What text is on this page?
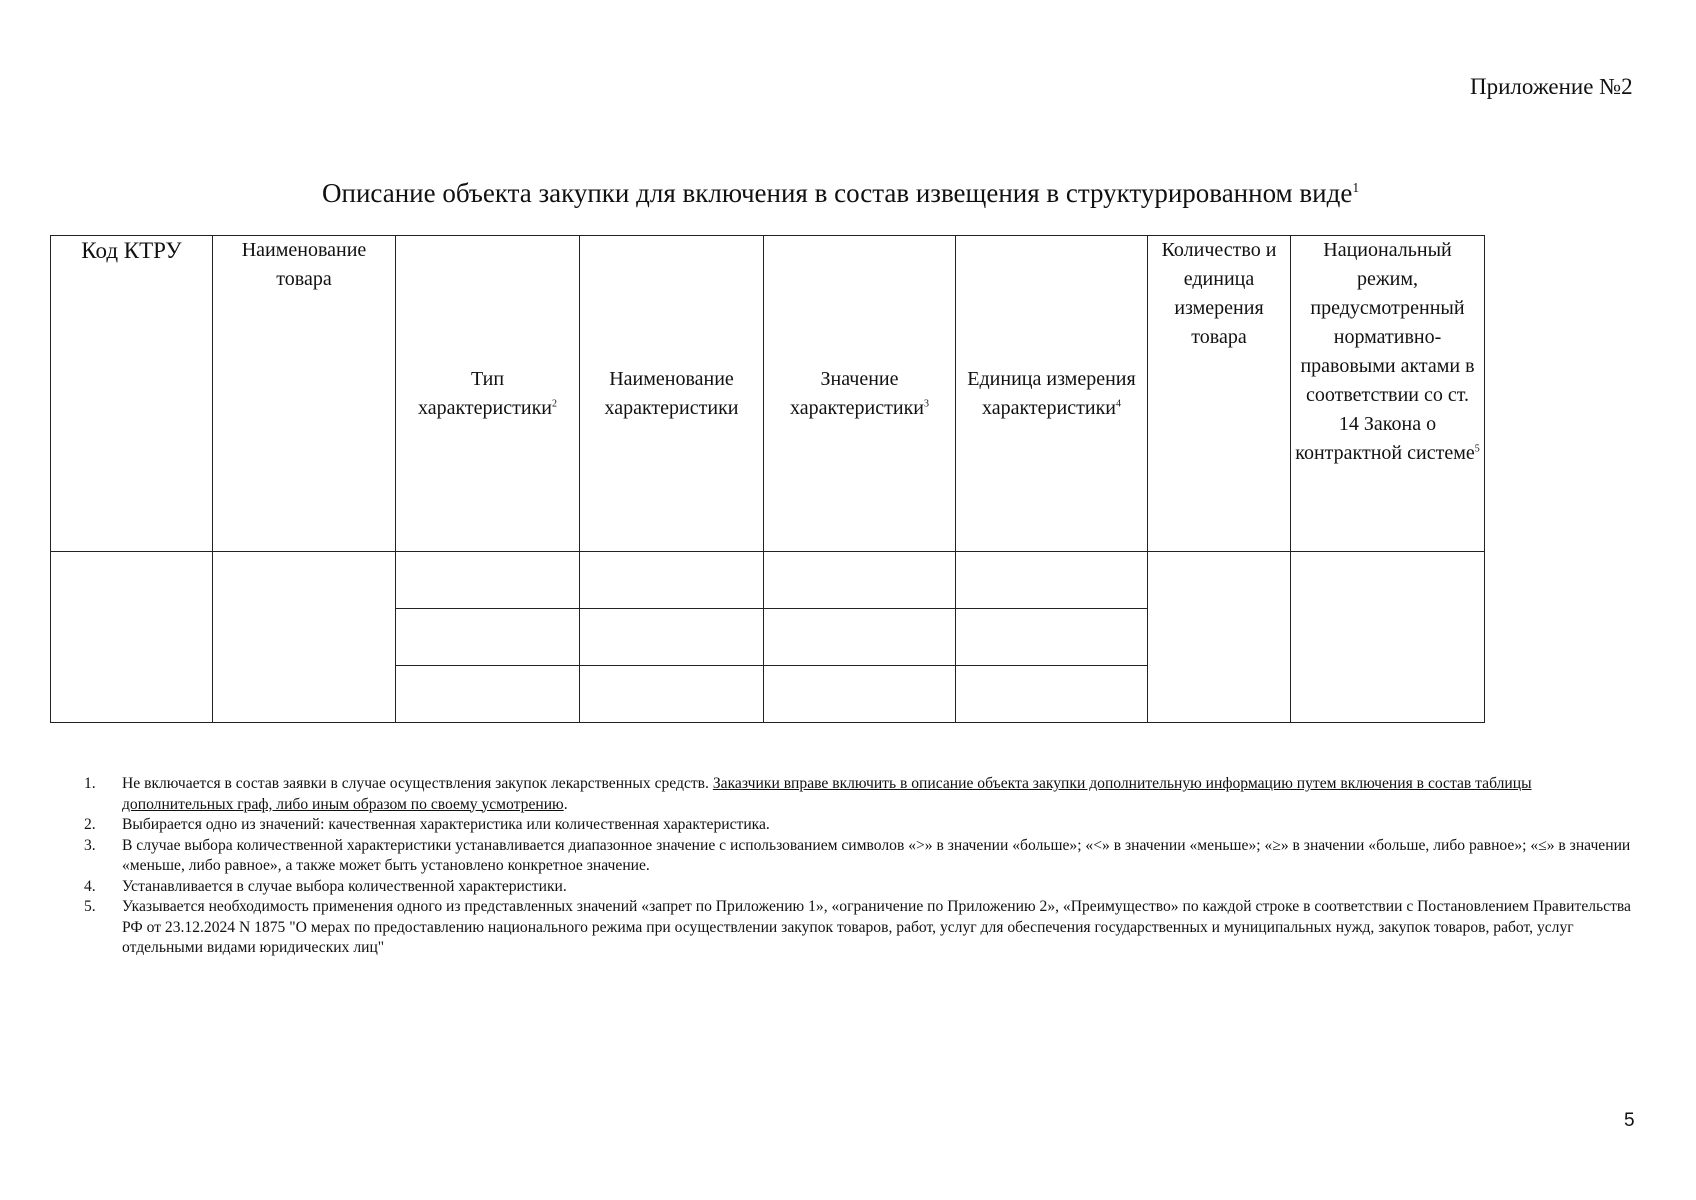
Приложение №2
Описание объекта закупки для включения в состав извещения в структурированном виде$^1$
Код КТРУ	Наименование товара	Тип характеристики$^2$	Наименование характеристики	Значение характеристики$^3$	Единица измерения характеристики$^4$	Количество и единица измерения товара	Национальный режим, предусмотренный нормативно-правовыми актами в соответствии со ст. 14 Закона о контрактной системе$^5$

1. Не включается в состав заявки в случае осуществления закупок лекарственных средств. Заказчики вправе включить в описание объекта закупки дополнительную информацию путем включения в состав таблицы дополнительных граф, либо иным образом по своему усмотрению.
2. Выбирается одно из значений: качественная характеристика или количественная характеристика.
3. В случае выбора количественной характеристики устанавливается диапазонное значение с использованием символов «>» в значении «больше»; «<» в значении «меньше»; «≥» в значении «больше, либо равное»; «≤» в значении «меньше, либо равное», а также может быть установлено конкретное значение.
4. Устанавливается в случае выбора количественной характеристики.
5. Указывается необходимость применения одного из представленных значений «запрет по Приложению 1», «ограничение по Приложению 2», «Преимущество» по каждой строке в соответствии с Постановлением Правительства РФ от 23.12.2024 N 1875 "О мерах по предоставлению национального режима при осуществлении закупок товаров, работ, услуг для обеспечения государственных и муниципальных нужд, закупок товаров, работ, услуг отдельными видами юридических лиц"
5
